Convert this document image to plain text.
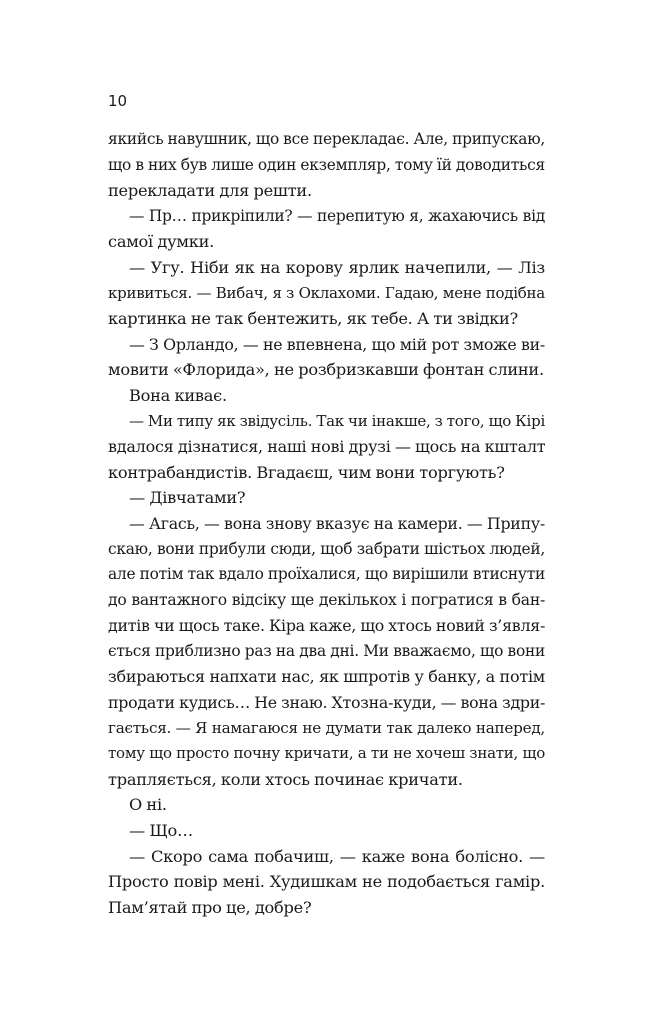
10
якийсь навушник, що все перекладає. Але, припускаю,
що в них був лише один екземпляр, тому їй доводиться
перекладати для решти.
— Пр… прикріпили? — перепитую я, жахаючись від
самої думки.
— Угу. Ніби як на корову ярлик начепили, — Ліз
кривиться. — Вибач, я з Оклахоми. Гадаю, мене подібна
картинка не так бентежить, як тебе. А ти звідки?
— З Орландо, — не впевнена, що мій рот зможе ви-
мовити «Флорида», не розбризкавши фонтан слини.
Вона киває.
— Ми типу як звідусіль. Так чи інакше, з того, що Кірі
вдалося дізнатися, наші нові друзі — щось на кшталт
контрабандистів. Вгадаєш, чим вони торгують?
— Дівчатами?
— Агась, — вона знову вказує на камери. — Припу-
скаю, вони прибули сюди, щоб забрати шістьох людей,
але потім так вдало проїхалися, що вирішили втиснути
до вантажного відсіку ще декількох і погратися в бан-
дитів чи щось таке. Кіра каже, що хтось новий з’явля-
ється приблизно раз на два дні. Ми вважаємо, що вони
збираються напхати нас, як шпротів у банку, а потім
продати кудись… Не знаю. Хтозна-куди, — вона здри-
гається. — Я намагаюся не думати так далеко наперед,
тому що просто почну кричати, а ти не хочеш знати, що
трапляється, коли хтось починає кричати.
О ні.
— Що…
— Скоро сама побачиш, — каже вона болісно. —
Просто повір мені. Худишкам не подобається гамір.
Пам’ятай про це, добре?
